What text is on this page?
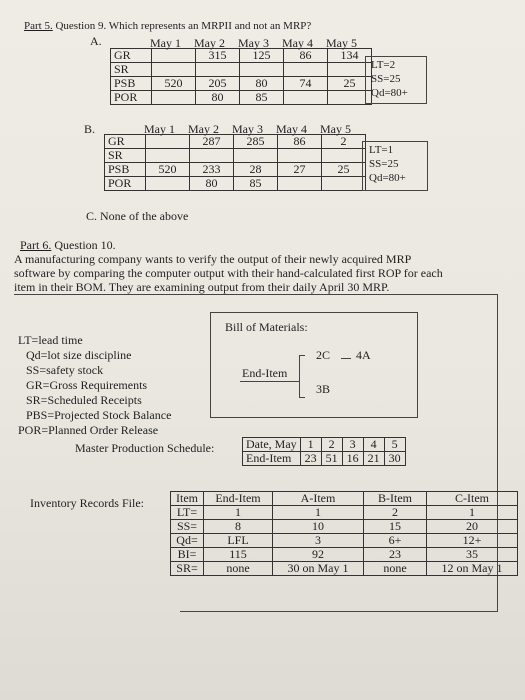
Part 5. Question 9. Which represents an MRPII and not an MRP?
A.	May 1 May 2 May 3 May 4 May 5
GR		315	125	86	134
SR					
PSB	520	205	80	74	25
POR		80	85		
LT=2
SS=25
Qd=80+
B.	May 1 May 2 May 3 May 4 May 5
GR		287	285	86	2
SR					
PSB	520	233	28	27	25
POR		80	85		
LT=1
SS=25
Qd=80+
C. None of the above
Part 6. Question 10.
A manufacturing company wants to verify the output of their newly acquired MRP
software by comparing the computer output with their hand-calculated first ROP for each
item in their BOM. They are examining output from their daily April 30 MRP.
LT=lead time
Qd=lot size discipline
SS=safety stock
GR=Gross Requirements
SR=Scheduled Receipts
PBS=Projected Stock Balance
POR=Planned Order Release
Bill of Materials:
End-Item
2C 4A
3B
Master Production Schedule:	Date, May	1	2	3	4	5
End-Item	23	51	16	21	30
Inventory Records File:	Item	End-Item	A-Item	B-Item	C-Item
LT=	1	1	2	1
SS=	8	10	15	20
Qd=	LFL	3	6+	12+
BI=	115	92	23	35
SR=	none	30 on May 1	none	12 on May 1
